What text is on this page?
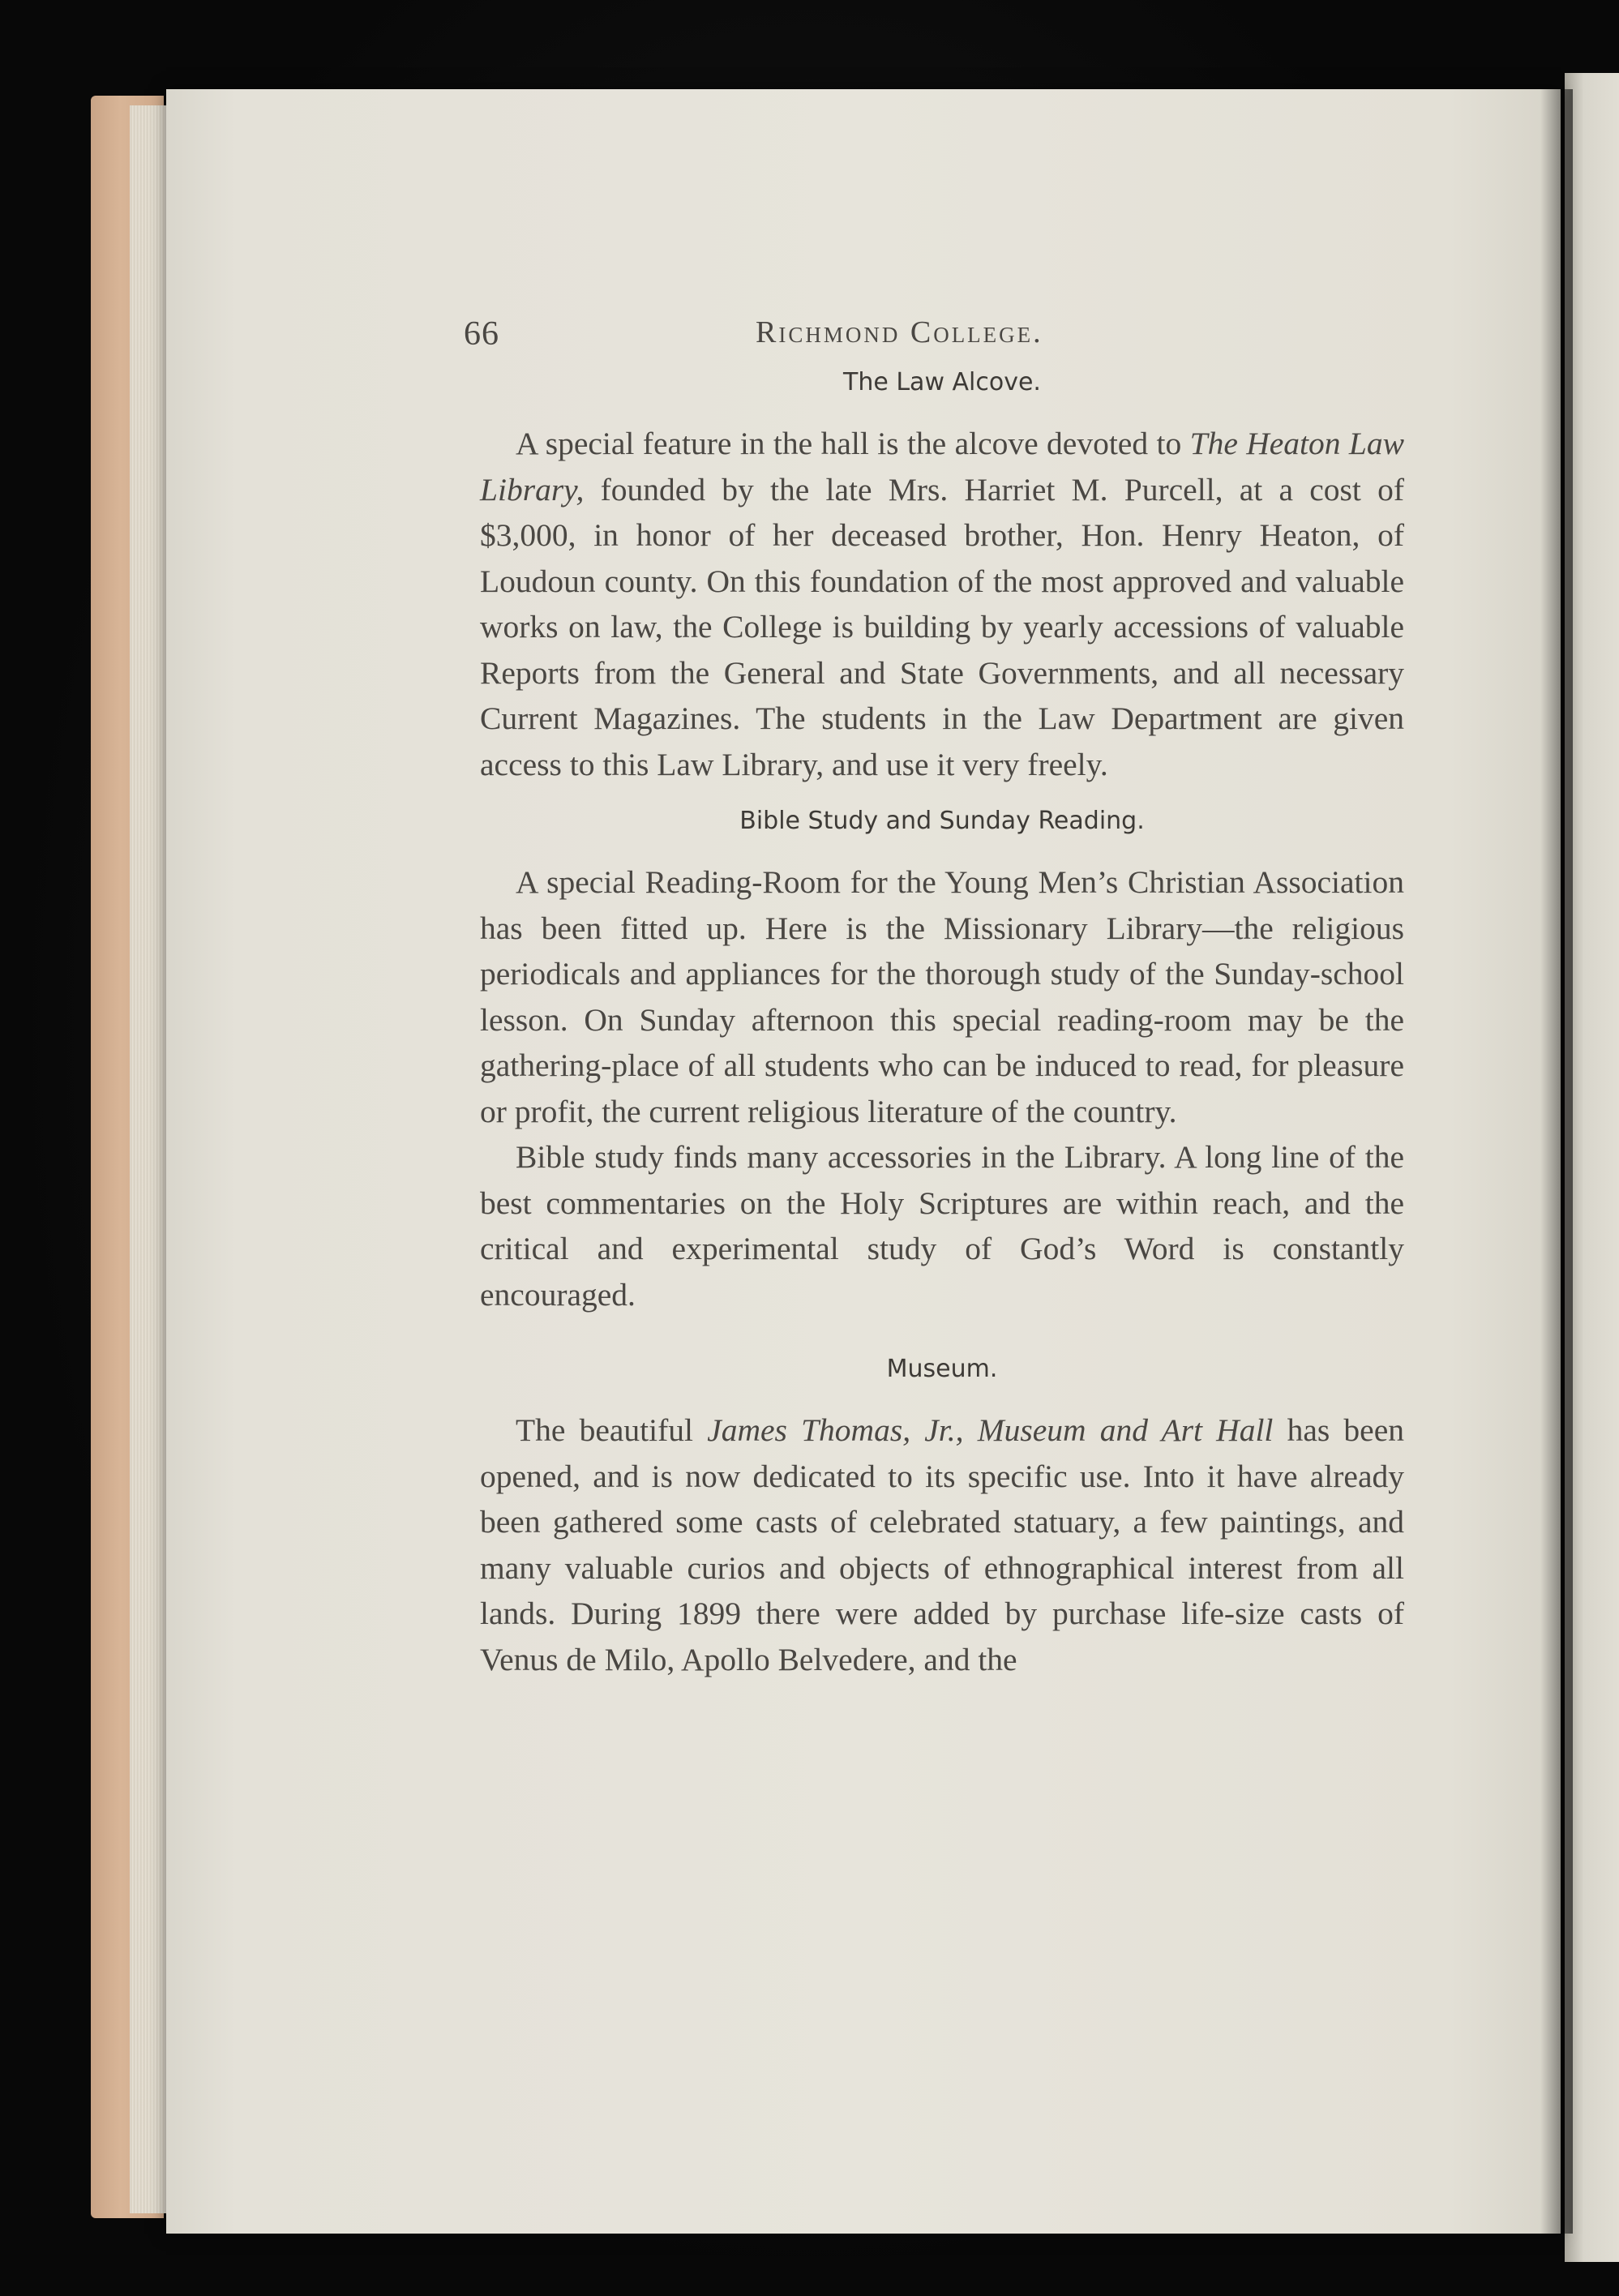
66	Richmond College.
The Law Alcove.

A special feature in the hall is the alcove devoted to The Heaton Law Library, founded by the late Mrs. Harriet M. Purcell, at a cost of $3,000, in honor of her deceased brother, Hon. Henry Heaton, of Loudoun county. On this foundation of the most approved and valuable works on law, the College is building by yearly accessions of valuable Reports from the General and State Governments, and all necessary Current Magazines. The students in the Law Department are given access to this Law Library, and use it very freely.

Bible Study and Sunday Reading.

A special Reading-Room for the Young Men’s Christian Association has been fitted up. Here is the Missionary Library—the religious periodicals and appliances for the thorough study of the Sunday-school lesson. On Sunday afternoon this special reading-room may be the gathering-place of all students who can be induced to read, for pleasure or profit, the current religious literature of the country.

Bible study finds many accessories in the Library. A long line of the best commentaries on the Holy Scriptures are within reach, and the critical and experimental study of God’s Word is constantly encouraged.

Museum.

The beautiful James Thomas, Jr., Museum and Art Hall has been opened, and is now dedicated to its specific use. Into it have already been gathered some casts of celebrated statuary, a few paintings, and many valuable curios and objects of ethnographical interest from all lands. During 1899 there were added by purchase life-size casts of Venus de Milo, Apollo Belvedere, and the
